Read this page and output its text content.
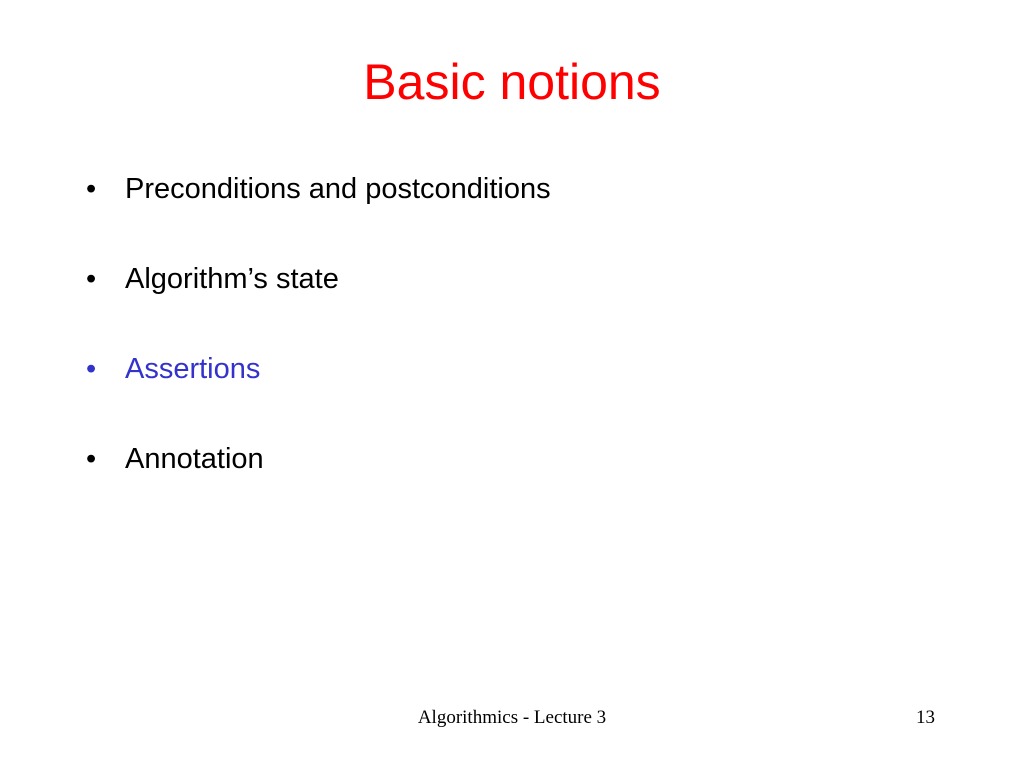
Basic notions
• Preconditions and postconditions
• Algorithm’s state
• Assertions
• Annotation
Algorithmics - Lecture 3	13
